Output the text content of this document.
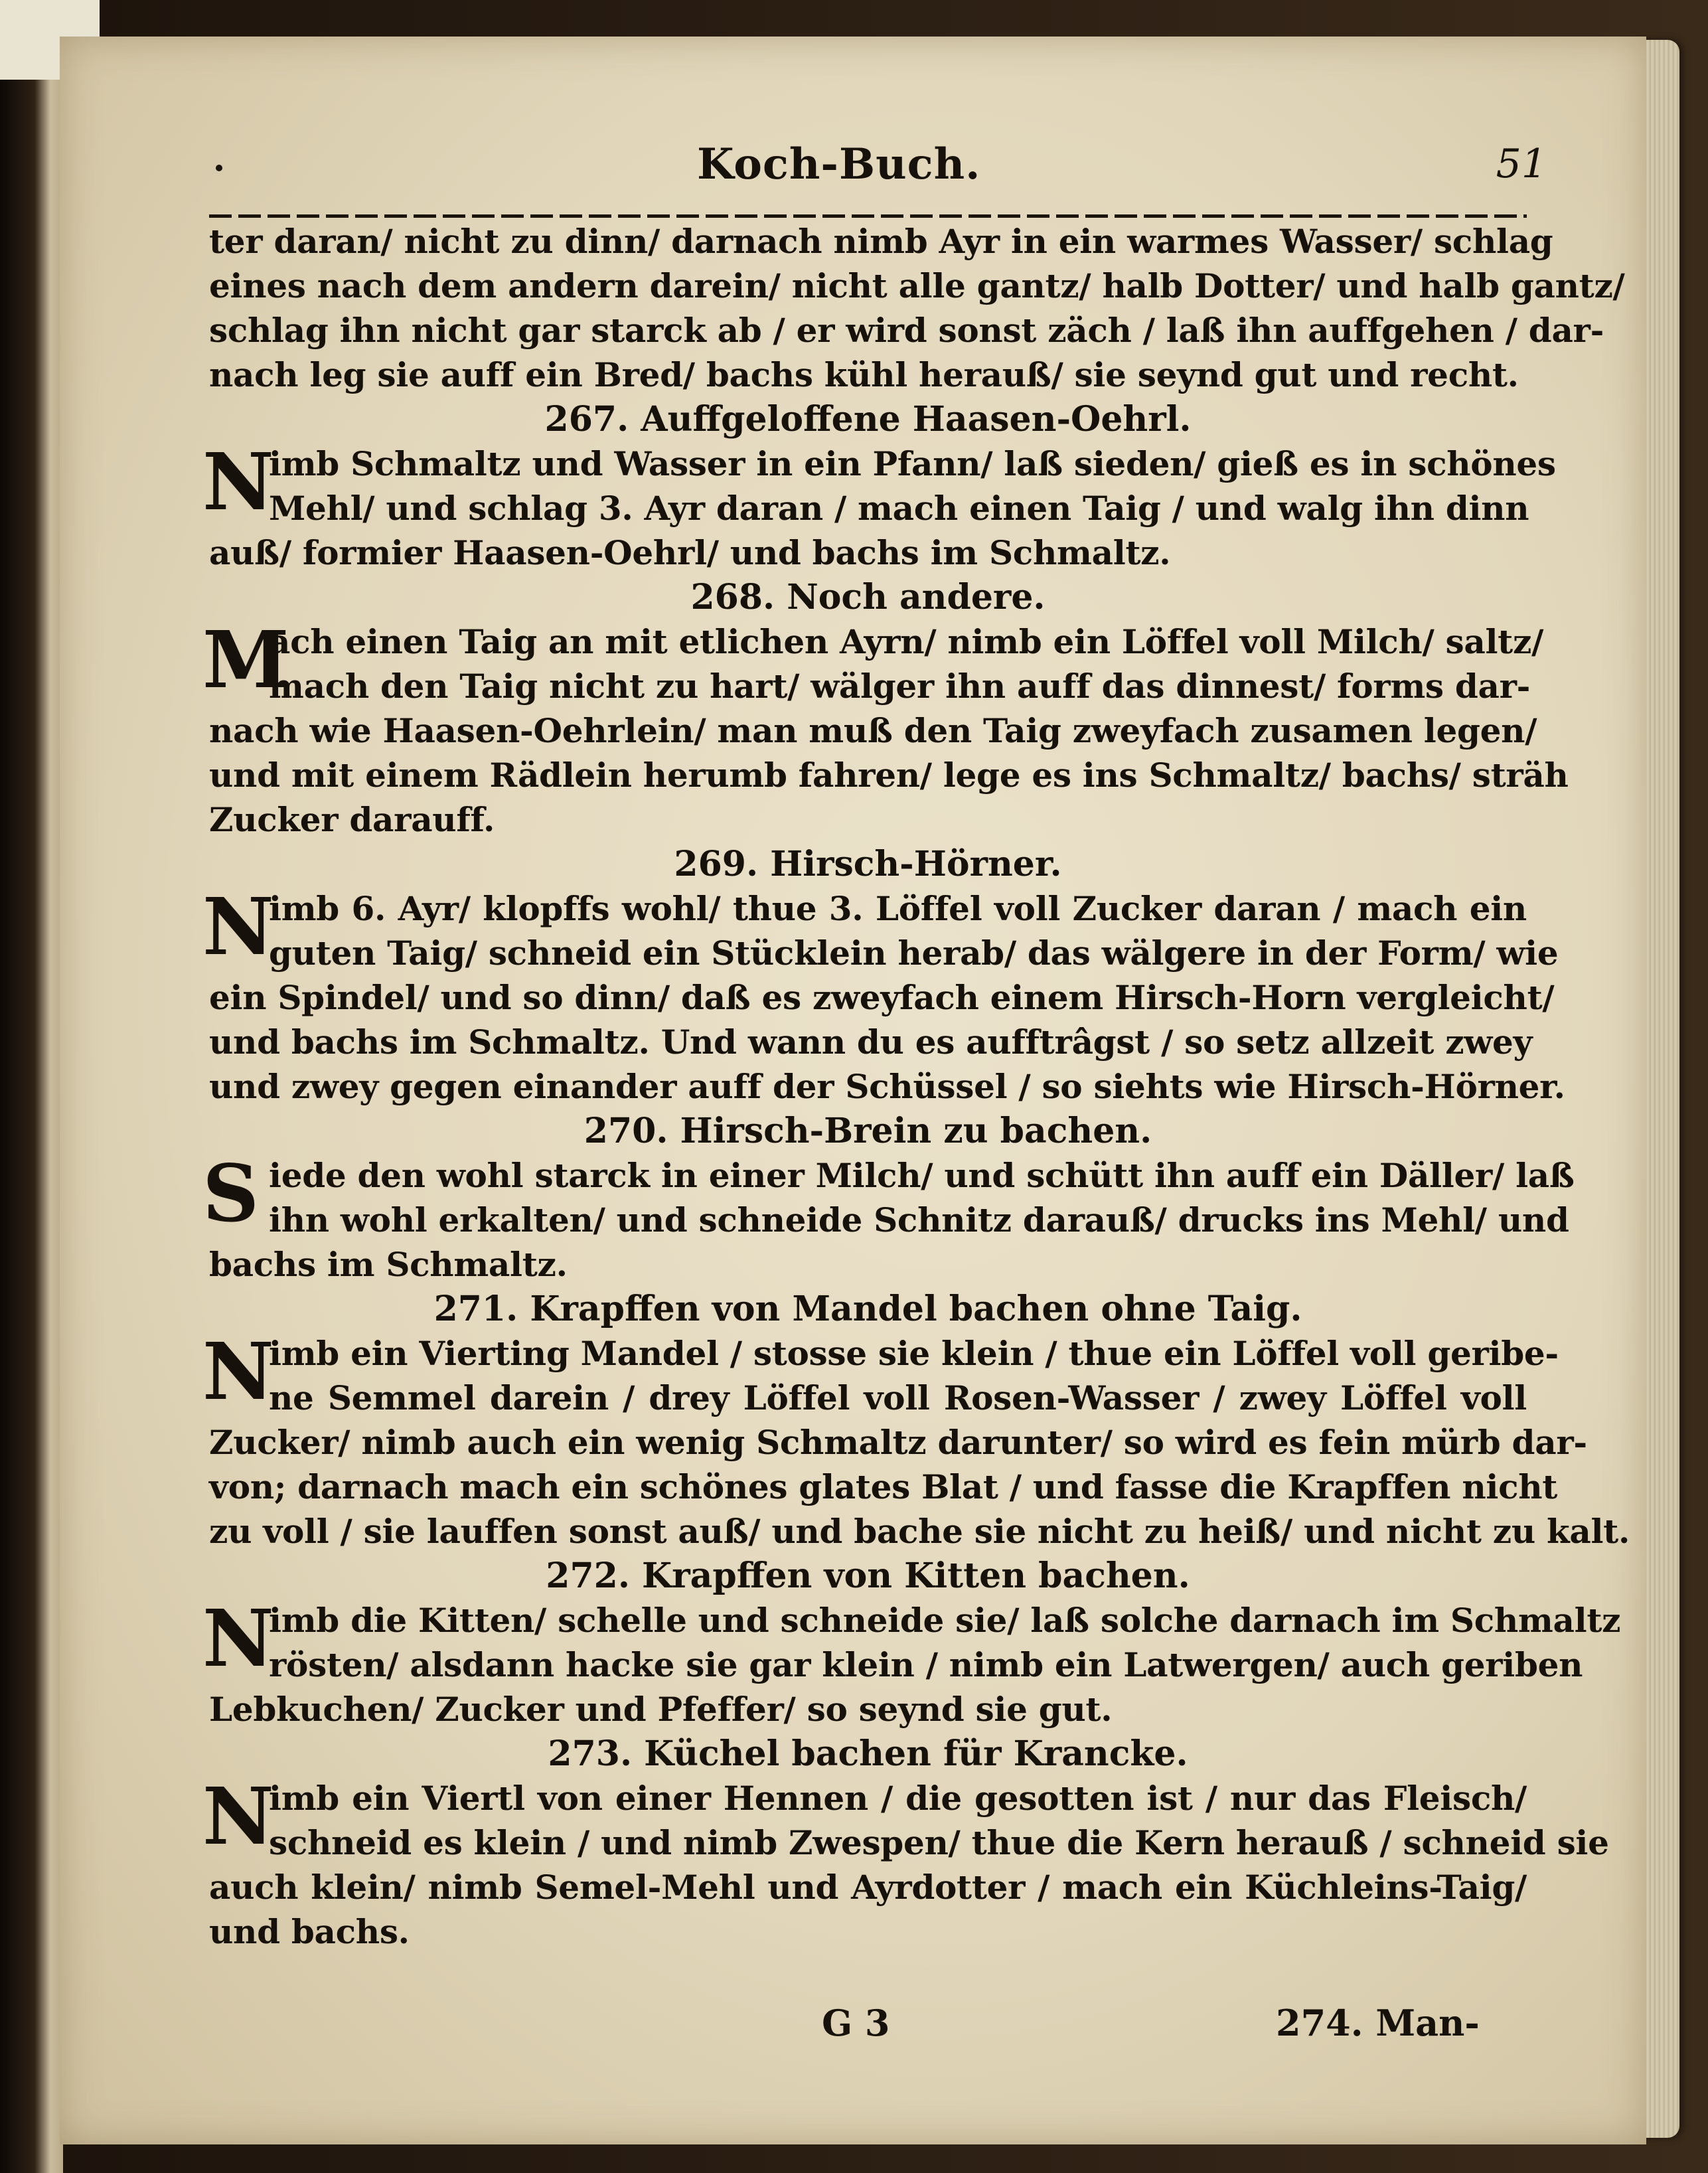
Koch-Buch.	51
ter daran/ nicht zu dinn/ darnach nimb Ayr in ein warmes Wasser/ schlag
eines nach dem andern darein/ nicht alle gantz/ halb Dotter/ und halb gantz/
schlag ihn nicht gar starck ab / er wird sonst zäch / laß ihn auffgehen / dar-
nach leg sie auff ein Bred/ bachs kühl herauß/ sie seynd gut und recht.
267. Auffgeloffene Haasen-Oehrl.
N
imb Schmaltz und Wasser in ein Pfann/ laß sieden/ gieß es in schönes
Mehl/ und schlag 3. Ayr daran / mach einen Taig / und walg ihn dinn
auß/ formier Haasen-Oehrl/ und bachs im Schmaltz.
268. Noch andere.
M
ach einen Taig an mit etlichen Ayrn/ nimb ein Löffel voll Milch/ saltz/
mach den Taig nicht zu hart/ wälger ihn auff das dinnest/ forms dar-
nach wie Haasen-Oehrlein/ man muß den Taig zweyfach zusamen legen/
und mit einem Rädlein herumb fahren/ lege es ins Schmaltz/ bachs/ sträh
Zucker darauff.
269. Hirsch-Hörner.
N
imb 6. Ayr/ klopffs wohl/ thue 3. Löffel voll Zucker daran / mach ein
guten Taig/ schneid ein Stücklein herab/ das wälgere in der Form/ wie
ein Spindel/ und so dinn/ daß es zweyfach einem Hirsch-Horn vergleicht/
und bachs im Schmaltz. Und wann du es aufftrâgst / so setz allzeit zwey
und zwey gegen einander auff der Schüssel / so siehts wie Hirsch-Hörner.
270. Hirsch-Brein zu bachen.
S iede den wohl starck in einer Milch/ und schütt ihn auff ein Däller/ laß
ihn wohl erkalten/ und schneide Schnitz darauß/ drucks ins Mehl/ und
bachs im Schmaltz.
271. Krapffen von Mandel bachen ohne Taig.
N
imb ein Vierting Mandel / stosse sie klein / thue ein Löffel voll geribe-
ne Semmel darein / drey Löffel voll Rosen-Wasser / zwey Löffel voll
Zucker/ nimb auch ein wenig Schmaltz darunter/ so wird es fein mürb dar-
von; darnach mach ein schönes glates Blat / und fasse die Krapffen nicht
zu voll / sie lauffen sonst auß/ und bache sie nicht zu heiß/ und nicht zu kalt.
272. Krapffen von Kitten bachen.
N
imb die Kitten/ schelle und schneide sie/ laß solche darnach im Schmaltz
rösten/ alsdann hacke sie gar klein / nimb ein Latwergen/ auch geriben
Lebkuchen/ Zucker und Pfeffer/ so seynd sie gut.
273. Küchel bachen für Krancke.
N
imb ein Viertl von einer Hennen / die gesotten ist / nur das Fleisch/
schneid es klein / und nimb Zwespen/ thue die Kern herauß / schneid sie
auch klein/ nimb Semel-Mehl und Ayrdotter / mach ein Küchleins-Taig/
und bachs.
G 3	274. Man-
